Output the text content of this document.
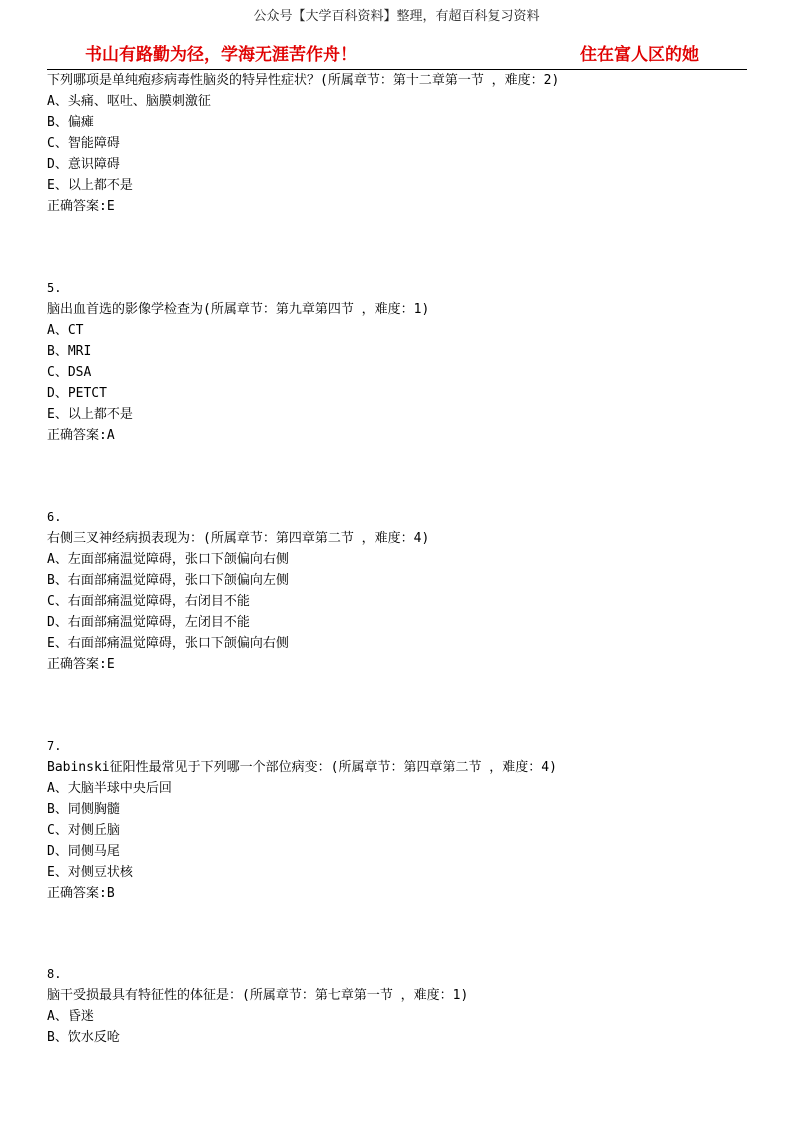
公众号【大学百科资料】整理，有超百科复习资料
书山有路勤为径，学海无涯苦作舟！	住在富人区的她
下列哪项是单纯疱疹病毒性脑炎的特异性症状？(所属章节：第十二章第一节 ，难度：2)
A、头痛、呕吐、脑膜刺激征
B、偏瘫
C、智能障碍
D、意识障碍
E、以上都不是
正确答案:E
5.
脑出血首选的影像学检查为(所属章节：第九章第四节 ，难度：1)
A、CT
B、MRI
C、DSA
D、PETCT
E、以上都不是
正确答案:A
6.
右侧三叉神经病损表现为：(所属章节：第四章第二节 ，难度：4)
A、左面部痛温觉障碍，张口下颌偏向右侧
B、右面部痛温觉障碍，张口下颌偏向左侧
C、右面部痛温觉障碍，右闭目不能
D、右面部痛温觉障碍，左闭目不能
E、右面部痛温觉障碍，张口下颌偏向右侧
正确答案:E
7.
Babinski征阳性最常见于下列哪一个部位病变：(所属章节：第四章第二节 ，难度：4)
A、大脑半球中央后回
B、同侧胸髓
C、对侧丘脑
D、同侧马尾
E、对侧豆状核
正确答案:B
8.
脑干受损最具有特征性的体征是：(所属章节：第七章第一节 ，难度：1)
A、昏迷
B、饮水反呛
